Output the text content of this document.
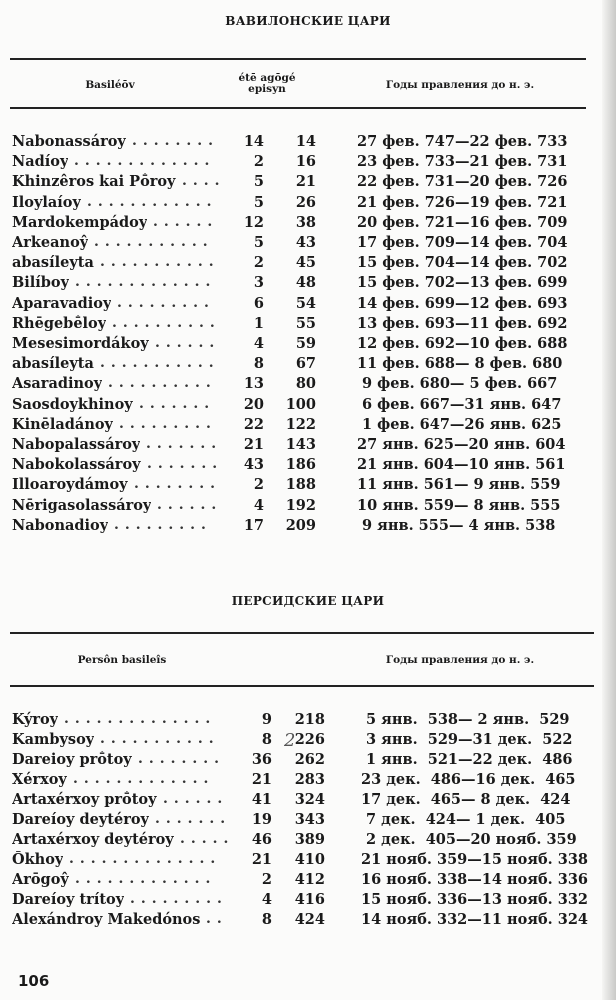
ВАВИЛОНСКИЕ ЦАРИ
Basiléōv
étē agōgé
episyn	Годы правления до н. э.
Nabonassároy ........	14	14	27 фев. 747—22 фев. 733
Nadíoy .............	2	16	23 фев. 733—21 фев. 731
Khinzêros kai Pṓroy ....	5	21	22 фев. 731—20 фев. 726
Iloylaíoy ............	5	26	21 фев. 726—19 фев. 721
Mardokempádoy ......	12	38	20 фев. 721—16 фев. 709
Arkeanoŷ ...........	5	43	17 фев. 709—14 фев. 704
abasíleyta ...........	2	45	15 фев. 704—14 фев. 702
Bilíboy .............	3	48	15 фев. 702—13 фев. 699
Aparavadioy .........	6	54	14 фев. 699—12 фев. 693
Rhēgebḗloy ..........	1	55	13 фев. 693—11 фев. 692
Mesesimordákoy ......	4	59	12 фев. 692—10 фев. 688
abasíleyta ...........	8	67	11 фев. 688— 8 фев. 680
Asaradinoy ..........	13	80	9 фев. 680— 5 фев. 667
Saosdoykhinoy .......	20	100	6 фев. 667—31 янв. 647
Kinēladánoy .........	22	122	1 фев. 647—26 янв. 625
Nabopalassároy .......	21	143	27 янв. 625—20 янв. 604
Nabokolassároy .......	43	186	21 янв. 604—10 янв. 561
Illoaroydámoy ........	2	188	11 янв. 561— 9 янв. 559
Nērigasolassároy ......	4	192	10 янв. 559— 8 янв. 555
Nabonadioy .........	17	209	9 янв. 555— 4 янв. 538
ПЕРСИДСКИЕ ЦАРИ
Persôn basileîs	Годы правления до н. э.
Kýroy ..............	9	218 5 янв.  538— 2 янв.  529
Kambysoy ...........	8	226 3 янв.  529—31 дек.  522
Dareioy prṓtoy ........	36	262 1 янв.  521—22 дек.  486
Xérxoy .............	21	283 23 дек.  486—16 дек.  465
Artaxérxoy prṓtoy ......	41	324 17 дек.  465— 8 дек.  424
Dareíoy deytéroy .......	19	343 7 дек.  424— 1 дек.  405
Artaxérxoy deytéroy .....	46	389 2 дек.  405—20 нояб. 359
Ṑkhoy ..............	21	410 21 нояб. 359—15 нояб. 338
Arōgoŷ .............	2	412 16 нояб. 338—14 нояб. 336
Dareíoy trítoy .........	4	416 15 нояб. 336—13 нояб. 332
Alexándroy Makedónos ..	8	424 14 нояб. 332—11 нояб. 324
2
106
